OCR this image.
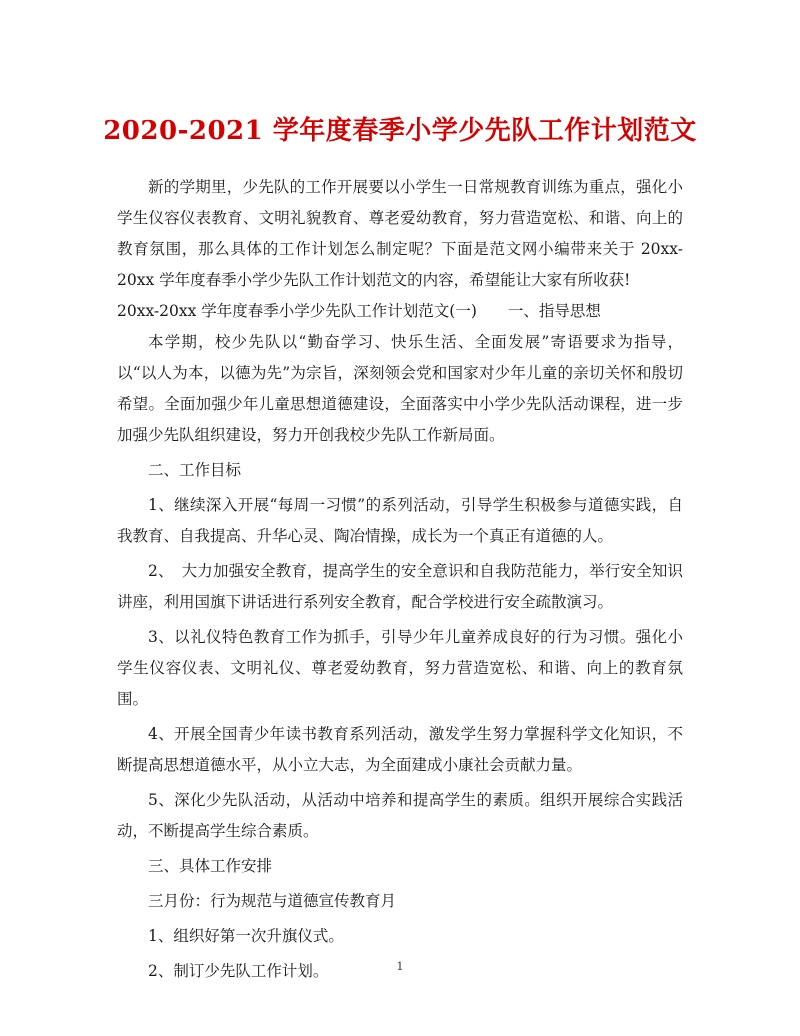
2020-2021 学年度春季小学少先队工作计划范文

新的学期里，少先队的工作开展要以小学生一日常规教育训练为重点，强化小学生仪容仪表教育、文明礼貌教育、尊老爱幼教育，努力营造宽松、和谐、向上的教育氛围，那么具体的工作计划怎么制定呢？下面是范文网小编带来关于 20xx-20xx 学年度春季小学少先队工作计划范文的内容，希望能让大家有所收获!

20xx-20xx 学年度春季小学少先队工作计划范文(一)　　一、指导思想

本学期，校少先队以“勤奋学习、快乐生活、全面发展”寄语要求为指导，以“以人为本，以德为先”为宗旨，深刻领会党和国家对少年儿童的亲切关怀和殷切希望。全面加强少年儿童思想道德建设，全面落实中小学少先队活动课程，进一步加强少先队组织建设，努力开创我校少先队工作新局面。

二、工作目标

1、继续深入开展“每周一习惯”的系列活动，引导学生积极参与道德实践，自我教育、自我提高、升华心灵、陶冶情操，成长为一个真正有道德的人。

2、　大力加强安全教育，提高学生的安全意识和自我防范能力，举行安全知识讲座，利用国旗下讲话进行系列安全教育，配合学校进行安全疏散演习。

3、以礼仪特色教育工作为抓手，引导少年儿童养成良好的行为习惯。强化小学生仪容仪表、文明礼仪、尊老爱幼教育，努力营造宽松、和谐、向上的教育氛围。

4、开展全国青少年读书教育系列活动，激发学生努力掌握科学文化知识，不断提高思想道德水平，从小立大志，为全面建成小康社会贡献力量。

5、深化少先队活动，从活动中培养和提高学生的素质。组织开展综合实践活动，不断提高学生综合素质。

三、具体工作安排

三月份：行为规范与道德宣传教育月

1、组织好第一次升旗仪式。

2、制订少先队工作计划。	1
